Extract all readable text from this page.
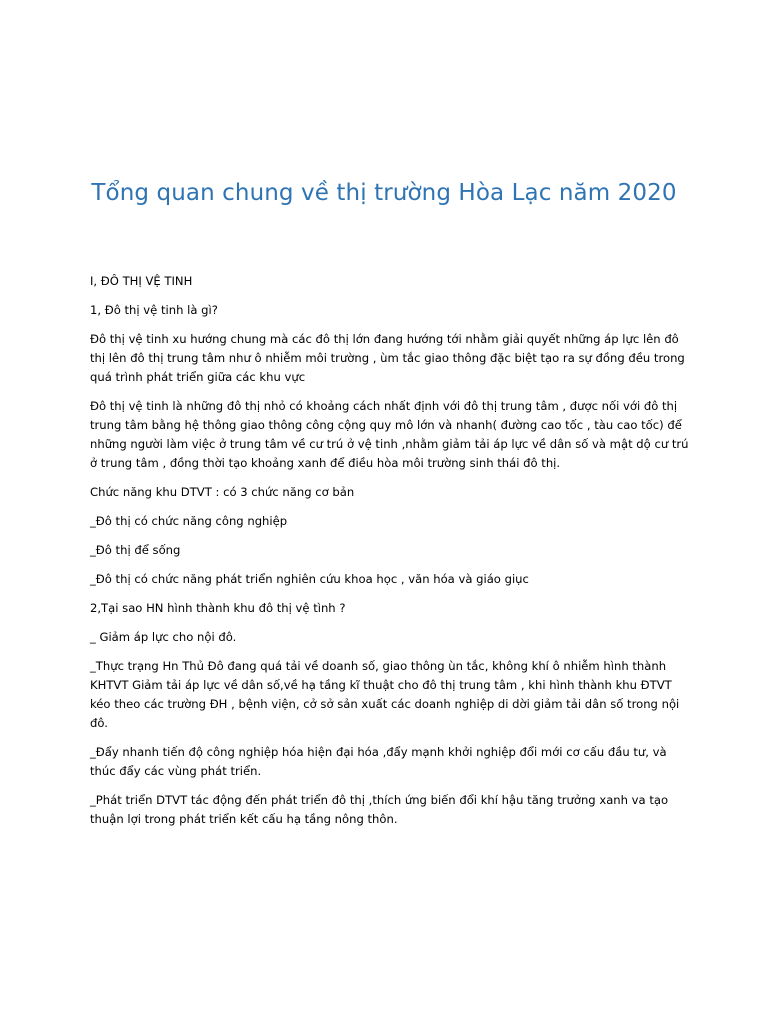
Tổng quan chung về thị trường Hòa Lạc năm 2020

I, ĐÔ THỊ VỆ TINH

1, Đô thị vệ tinh là gì?

Đô thị vệ tinh xu hướng chung mà các đô thị lớn đang hướng tới nhằm giải quyết những áp lực lên đô thị lên đô thị trung tâm như ô nhiễm môi trường , ùm tắc giao thông đặc biệt tạo ra sự đồng đều trong quá trình phát triển giữa các khu vực

Đô thị vệ tinh là những đô thị nhỏ có khoảng cách nhất định với đô thị trung tâm , được nối với đô thị trung tâm bằng hệ thông giao thông công cộng quy mô lớn và nhanh( đường cao tốc , tàu cao tốc) để những người làm việc ở trung tâm về cư trú ở vệ tinh ,nhằm giảm tải áp lực về dân số và mật dộ cư trú ở trung tâm , đồng thời tạo khoảng xanh để điều hòa môi trường sinh thái đô thị.

Chức năng khu DTVT : có 3 chức năng cơ bản

_Đô thị có chức năng công nghiệp

_Đô thị để sống

_Đô thị có chức năng phát triển nghiên cứu khoa học , văn hóa và giáo giục

2,Tại sao HN hình thành khu đô thị vệ tình ?

_ Giảm áp lực cho nội đô.

_Thực trạng Hn Thủ Đô đang quá tải về doanh số, giao thông ùn tắc, không khí ô nhiễm hình thành KHTVT Giảm tải áp lực về dân số,về hạ tầng kĩ thuật cho đô thị trung tâm , khi hình thành khu ĐTVT kéo theo các trường ĐH , bệnh viện, cở sở sản xuất các doanh nghiệp di dời giảm tải dân số trong nội đô.

_Đẩy nhanh tiến độ công nghiệp hóa hiện đại hóa ,đẩy mạnh khởi nghiệp đổi mới cơ cấu đầu tư, và thúc đẩy các vùng phát triển.

_Phát triển DTVT tác động đến phát triển đô thị ,thích ứng biến đổi khí hậu tăng trưởng xanh va tạo thuận lợi trong phát triển kết cấu hạ tầng nông thôn.
